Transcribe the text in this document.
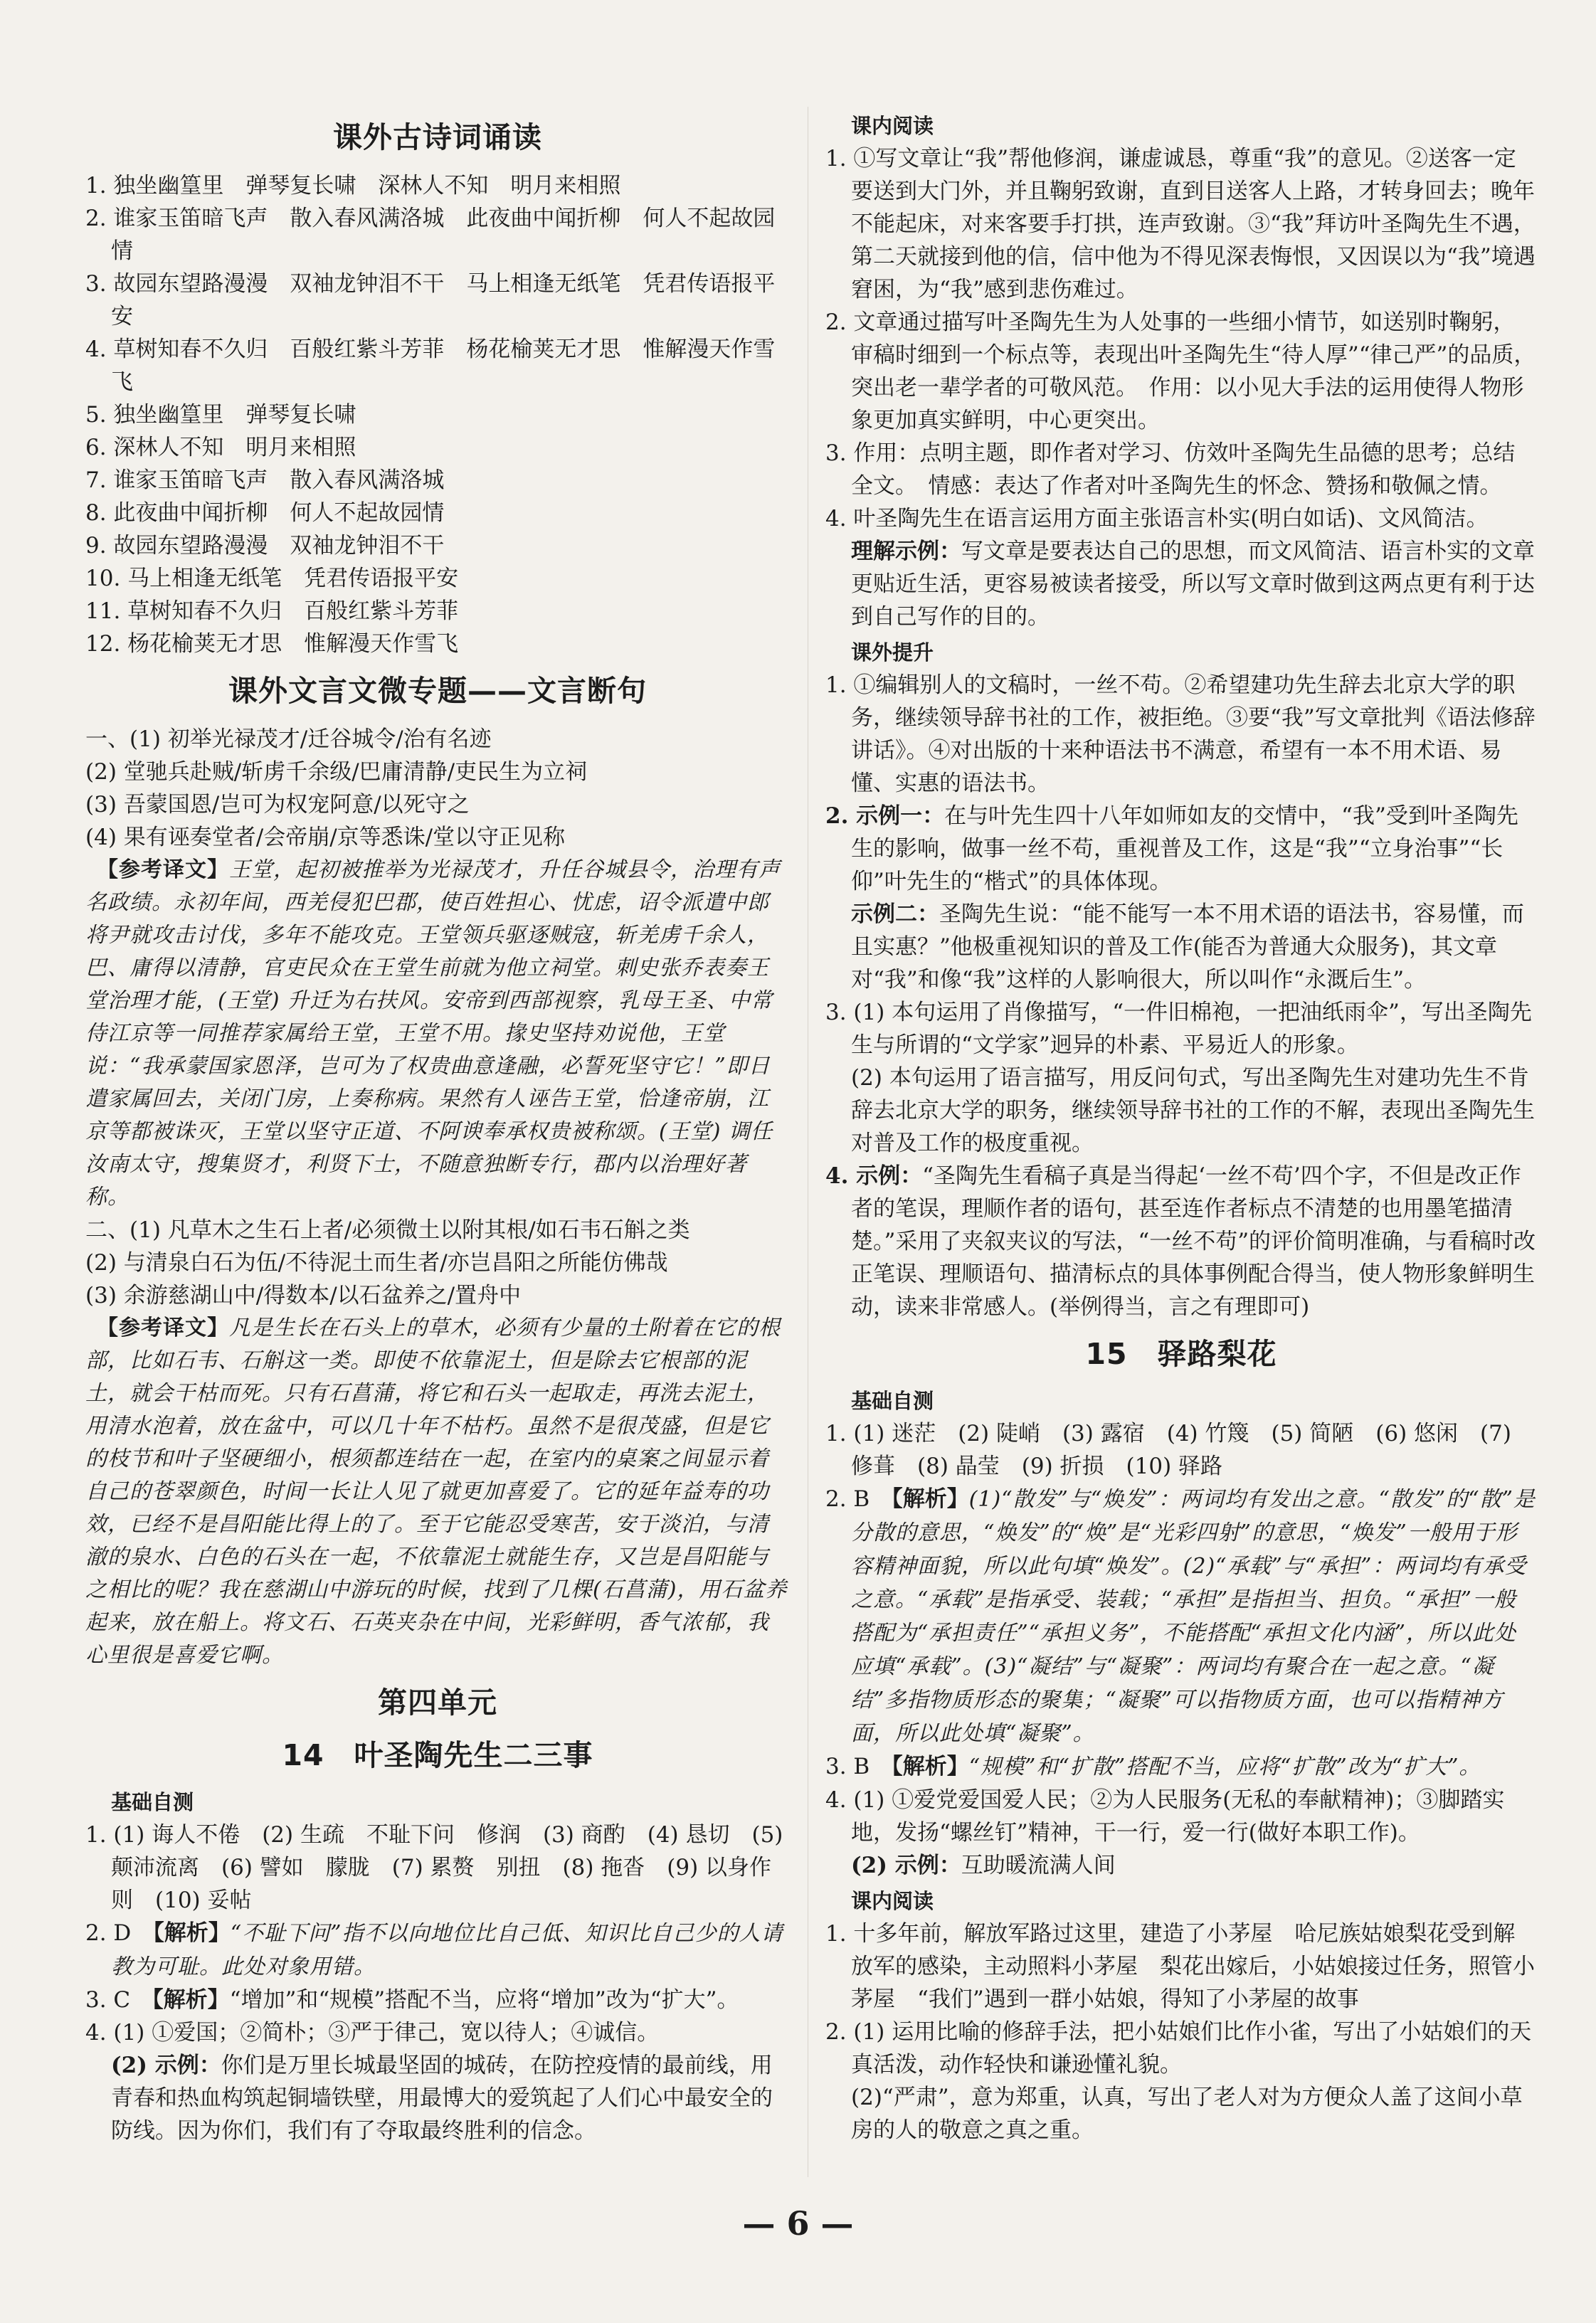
课外古诗词诵读

1. 独坐幽篁里　弹琴复长啸　深林人不知　明月来相照

2. 谁家玉笛暗飞声　散入春风满洛城　此夜曲中闻折柳　何人不起故园情

3. 故园东望路漫漫　双袖龙钟泪不干　马上相逢无纸笔　凭君传语报平安

4. 草树知春不久归　百般红紫斗芳菲　杨花榆荚无才思　惟解漫天作雪飞

5. 独坐幽篁里　弹琴复长啸

6. 深林人不知　明月来相照

7. 谁家玉笛暗飞声　散入春风满洛城

8. 此夜曲中闻折柳　何人不起故园情

9. 故园东望路漫漫　双袖龙钟泪不干

10. 马上相逢无纸笔　凭君传语报平安

11. 草树知春不久归　百般红紫斗芳菲

12. 杨花榆荚无才思　惟解漫天作雪飞

课外文言文微专题——文言断句

一、(1) 初举光禄茂才/迁谷城令/治有名迹

(2) 堂驰兵赴贼/斩虏千余级/巴庸清静/吏民生为立祠

(3) 吾蒙国恩/岂可为权宠阿意/以死守之

(4) 果有诬奏堂者/会帝崩/京等悉诛/堂以守正见称

　【参考译文】王堂，起初被推举为光禄茂才，升任谷城县令，治理有声名政绩。永初年间，西羌侵犯巴郡，使百姓担心、忧虑，诏令派遣中郎将尹就攻击讨伐，多年不能攻克。王堂领兵驱逐贼寇，斩羌虏千余人，巴、庸得以清静，官吏民众在王堂生前就为他立祠堂。刺史张乔表奏王堂治理才能，(王堂) 升迁为右扶风。安帝到西部视察，乳母王圣、中常侍江京等一同推荐家属给王堂，王堂不用。掾史坚持劝说他，王堂说：“我承蒙国家恩泽，岂可为了权贵曲意逢融，必誓死坚守它！”即日遣家属回去，关闭门房，上奏称病。果然有人诬告王堂，恰逢帝崩，江京等都被诛灭，王堂以坚守正道、不阿谀奉承权贵被称颂。(王堂) 调任汝南太守，搜集贤才，利贤下士，不随意独断专行，郡内以治理好著称。

二、(1) 凡草木之生石上者/必须微土以附其根/如石韦石斛之类

(2) 与清泉白石为伍/不待泥土而生者/亦岂昌阳之所能仿佛哉

(3) 余游慈湖山中/得数本/以石盆养之/置舟中

　【参考译文】凡是生长在石头上的草木，必须有少量的土附着在它的根部，比如石韦、石斛这一类。即使不依靠泥土，但是除去它根部的泥土，就会干枯而死。只有石菖蒲，将它和石头一起取走，再洗去泥土，用清水泡着，放在盆中，可以几十年不枯朽。虽然不是很茂盛，但是它的枝节和叶子坚硬细小，根须都连结在一起，在室内的桌案之间显示着自己的苍翠颜色，时间一长让人见了就更加喜爱了。它的延年益寿的功效，已经不是昌阳能比得上的了。至于它能忍受寒苦，安于淡泊，与清澈的泉水、白色的石头在一起，不依靠泥土就能生存，又岂是昌阳能与之相比的呢？我在慈湖山中游玩的时候，找到了几棵(石菖蒲)，用石盆养起来，放在船上。将文石、石英夹杂在中间，光彩鲜明，香气浓郁，我心里很是喜爱它啊。

第四单元
14　叶圣陶先生二三事
基础自测

1. (1) 诲人不倦　(2) 生疏　不耻下问　修润　(3) 商酌　(4) 恳切　(5) 颠沛流离　(6) 譬如　朦胧　(7) 累赘　别扭　(8) 拖沓　(9) 以身作则　(10) 妥帖

2. D　 【解析】“不耻下问”指不以向地位比自己低、知识比自己少的人请教为可耻。此处对象用错。

3. C　 【解析】“增加”和“规模”搭配不当，应将“增加”改为“扩大”。

4. (1) ①爱国；②简朴；③严于律己，宽以待人；④诚信。

(2) 示例：你们是万里长城最坚固的城砖，在防控疫情的最前线，用青春和热血构筑起铜墙铁壁，用最博大的爱筑起了人们心中最安全的防线。因为你们，我们有了夺取最终胜利的信念。

课内阅读

1. ①写文章让“我”帮他修润，谦虚诚恳，尊重“我”的意见。②送客一定要送到大门外，并且鞠躬致谢，直到目送客人上路，才转身回去；晚年不能起床，对来客要手打拱，连声致谢。③“我”拜访叶圣陶先生不遇，第二天就接到他的信，信中他为不得见深表悔恨，又因误以为“我”境遇窘困，为“我”感到悲伤难过。

2. 文章通过描写叶圣陶先生为人处事的一些细小情节，如送别时鞠躬，审稿时细到一个标点等，表现出叶圣陶先生“待人厚”“律己严”的品质，突出老一辈学者的可敬风范。　作用：以小见大手法的运用使得人物形象更加真实鲜明，中心更突出。

3. 作用：点明主题，即作者对学习、仿效叶圣陶先生品德的思考；总结全文。　情感：表达了作者对叶圣陶先生的怀念、赞扬和敬佩之情。

4. 叶圣陶先生在语言运用方面主张语言朴实(明白如话)、文风简洁。

理解示例：写文章是要表达自己的思想，而文风简洁、语言朴实的文章更贴近生活，更容易被读者接受，所以写文章时做到这两点更有利于达到自己写作的目的。

课外提升

1. ①编辑别人的文稿时，一丝不苟。②希望建功先生辞去北京大学的职务，继续领导辞书社的工作，被拒绝。③要“我”写文章批判《语法修辞讲话》。④对出版的十来种语法书不满意，希望有一本不用术语、易懂、实惠的语法书。

2. 示例一：在与叶先生四十八年如师如友的交情中，“我”受到叶圣陶先生的影响，做事一丝不苟，重视普及工作，这是“我”“立身治事”“长仰”叶先生的“楷式”的具体体现。

示例二：圣陶先生说：“能不能写一本不用术语的语法书，容易懂，而且实惠？”他极重视知识的普及工作(能否为普通大众服务)，其文章对“我”和像“我”这样的人影响很大，所以叫作“永溉后生”。

3. (1) 本句运用了肖像描写，“一件旧棉袍，一把油纸雨伞”，写出圣陶先生与所谓的“文学家”迥异的朴素、平易近人的形象。

(2) 本句运用了语言描写，用反问句式，写出圣陶先生对建功先生不肯辞去北京大学的职务，继续领导辞书社的工作的不解，表现出圣陶先生对普及工作的极度重视。

4. 示例：“圣陶先生看稿子真是当得起‘一丝不苟’四个字，不但是改正作者的笔误，理顺作者的语句，甚至连作者标点不清楚的也用墨笔描清楚。”采用了夹叙夹议的写法，“一丝不苟”的评价简明准确，与看稿时改正笔误、理顺语句、描清标点的具体事例配合得当，使人物形象鲜明生动，读来非常感人。(举例得当，言之有理即可)

15　驿路梨花
基础自测

1. (1) 迷茫　(2) 陡峭　(3) 露宿　(4) 竹篾　(5) 简陋　(6) 悠闲　(7) 修葺　(8) 晶莹　(9) 折损　(10) 驿路

2. B　 【解析】(1)“散发”与“焕发”：两词均有发出之意。“散发”的“散”是分散的意思，“焕发”的“焕”是“光彩四射”的意思，“焕发”一般用于形容精神面貌，所以此句填“焕发”。(2)“承载”与“承担”：两词均有承受之意。“承载”是指承受、装载；“承担”是指担当、担负。“承担”一般搭配为“承担责任”“承担义务”，不能搭配“承担文化内涵”，所以此处应填“承载”。(3)“凝结”与“凝聚”：两词均有聚合在一起之意。“凝结”多指物质形态的聚集；“凝聚”可以指物质方面，也可以指精神方面，所以此处填“凝聚”。

3. B　 【解析】“规模”和“扩散”搭配不当，应将“扩散”改为“扩大”。

4. (1) ①爱党爱国爱人民；②为人民服务(无私的奉献精神)；③脚踏实地，发扬“螺丝钉”精神，干一行，爱一行(做好本职工作)。

(2) 示例：互助暖流满人间

课内阅读

1. 十多年前，解放军路过这里，建造了小茅屋　哈尼族姑娘梨花受到解放军的感染，主动照料小茅屋　梨花出嫁后，小姑娘接过任务，照管小茅屋　“我们”遇到一群小姑娘，得知了小茅屋的故事

2. (1) 运用比喻的修辞手法，把小姑娘们比作小雀，写出了小姑娘们的天真活泼，动作轻快和谦逊懂礼貌。

(2)“严肃”，意为郑重，认真，写出了老人对为方便众人盖了这间小草房的人的敬意之真之重。

— 6 —
